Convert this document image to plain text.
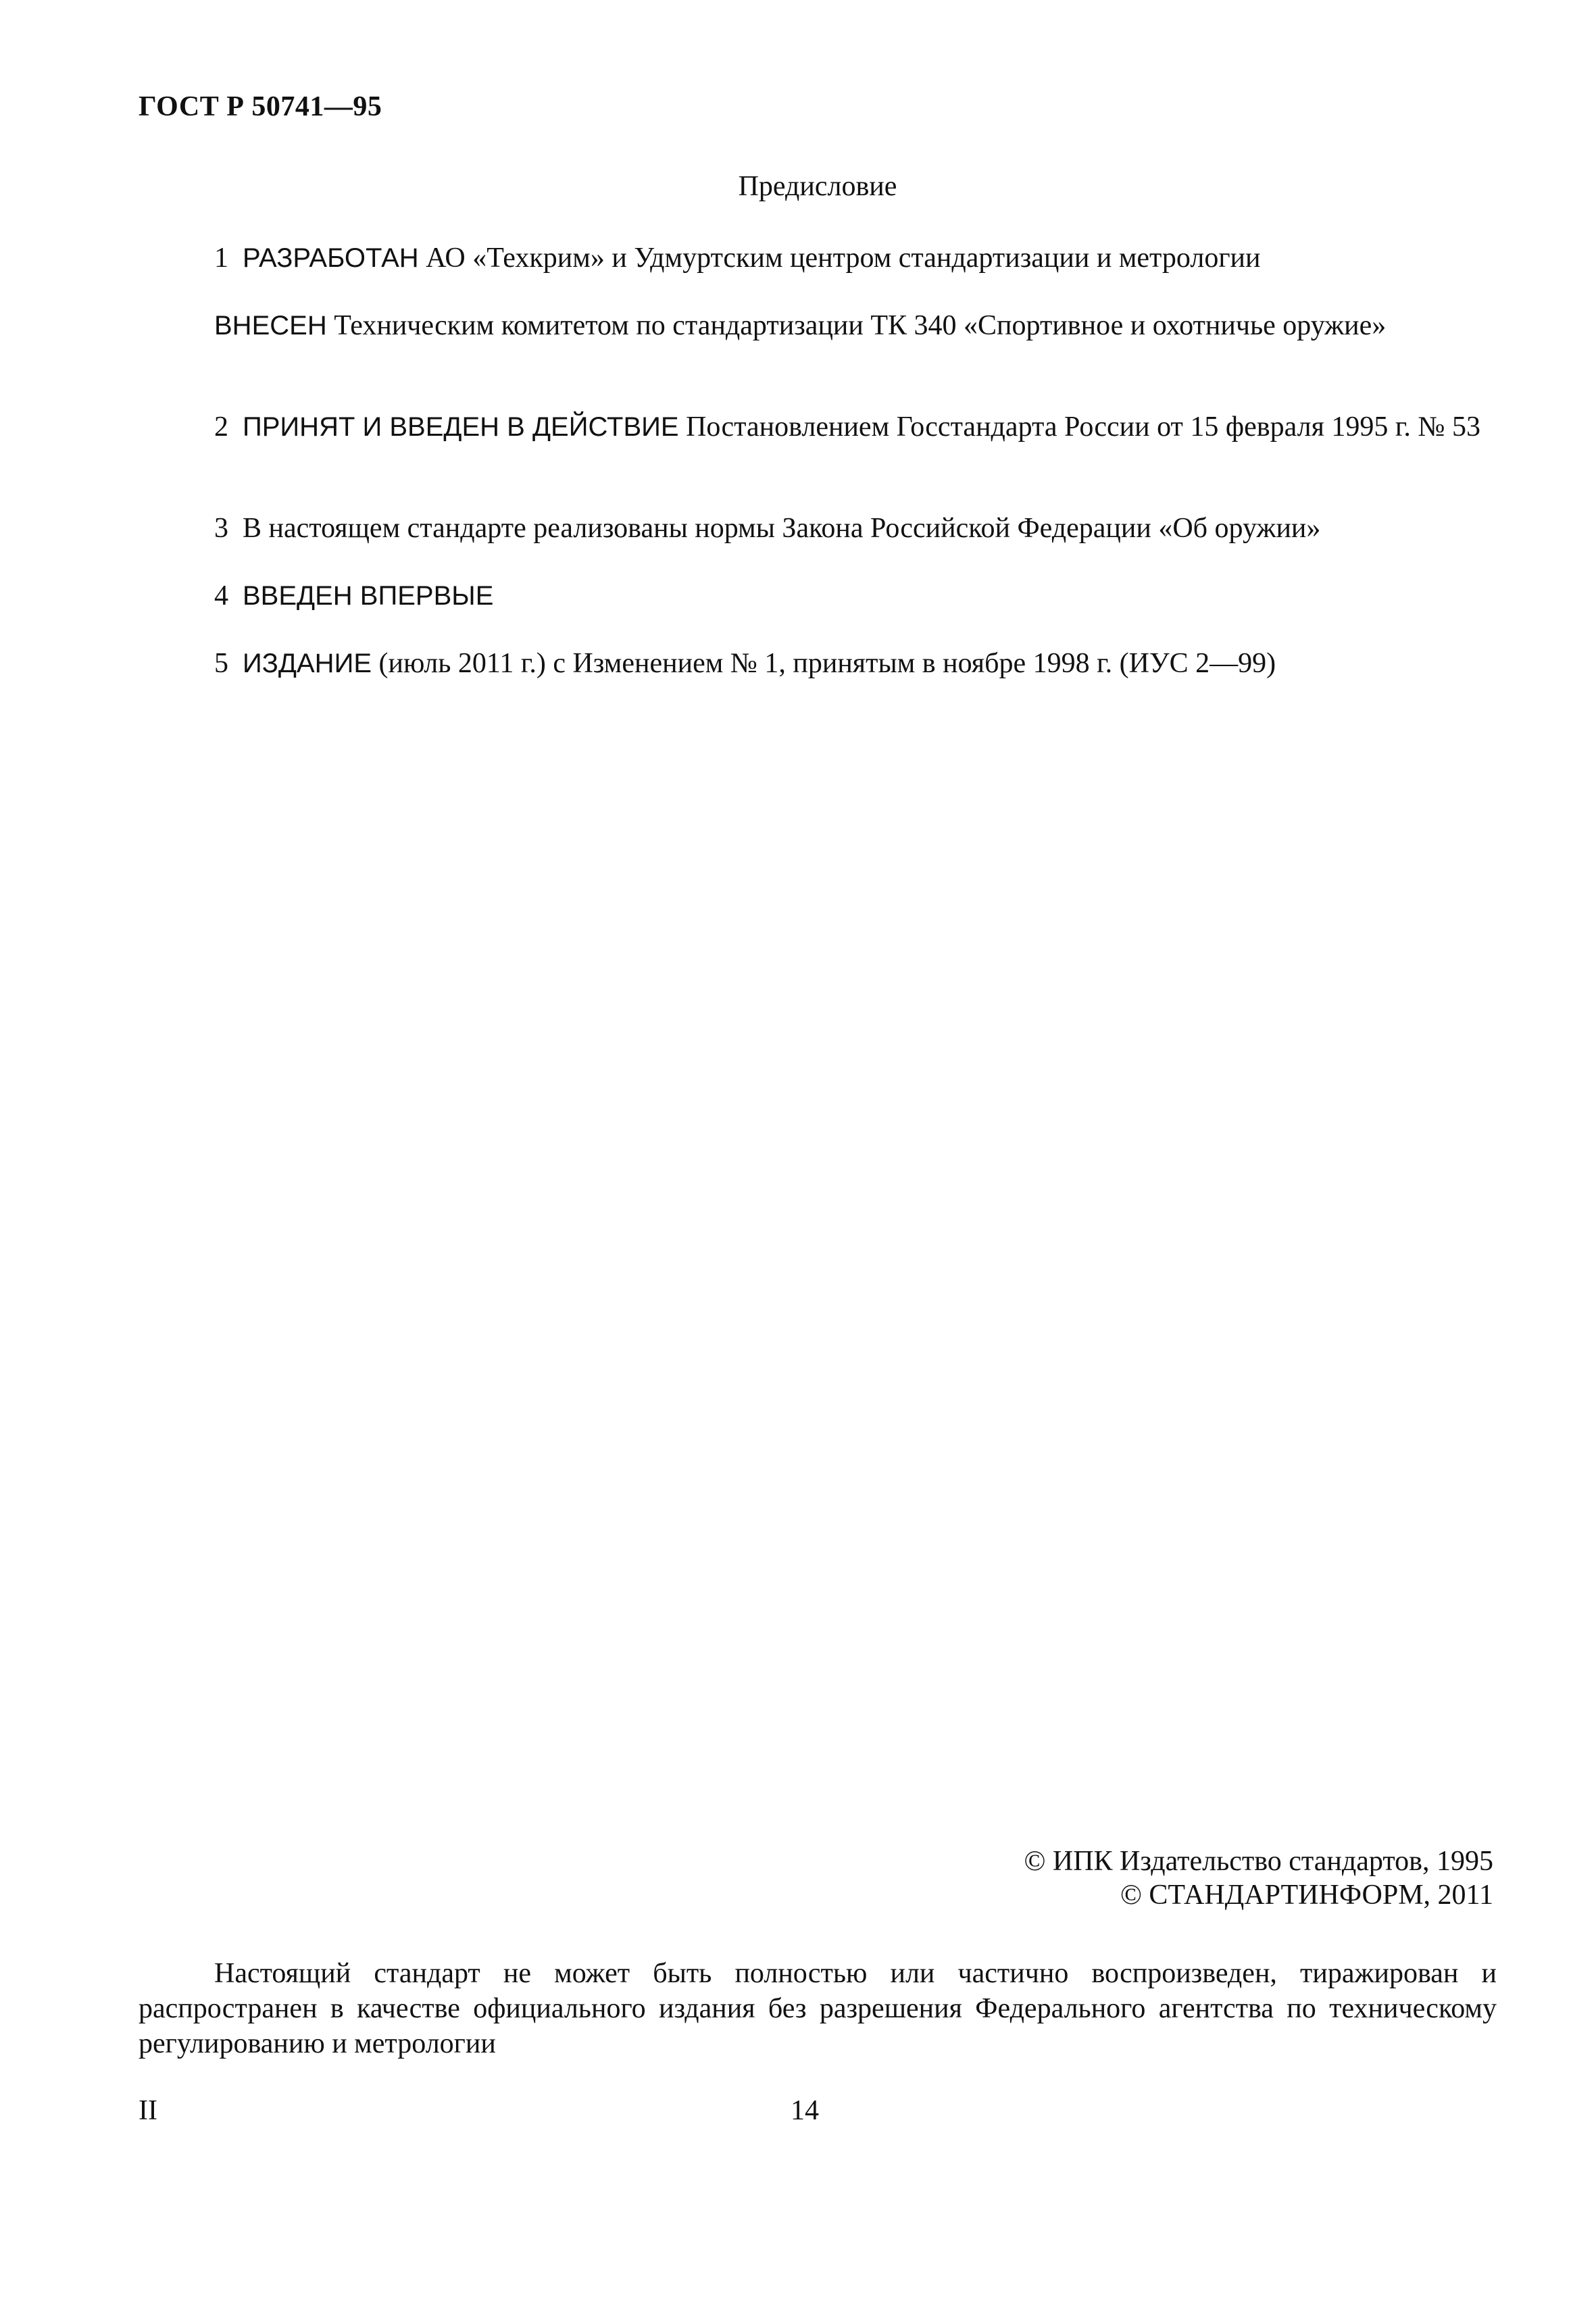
ГОСТ Р 50741—95
Предисловие
1 РАЗРАБОТАН АО «Техкрим» и Удмуртским центром стандартизации и метрологии
ВНЕСЕН Техническим комитетом по стандартизации ТК 340 «Спортивное и охотничье оружие»
2 ПРИНЯТ И ВВЕДЕН В ДЕЙСТВИЕ Постановлением Госстандарта России от 15 февраля 1995 г. № 53
3 В настоящем стандарте реализованы нормы Закона Российской Федерации «Об оружии»
4 ВВЕДЕН ВПЕРВЫЕ
5 ИЗДАНИЕ (июль 2011 г.) с Изменением № 1, принятым в ноябре 1998 г. (ИУС 2—99)
© ИПК Издательство стандартов, 1995
© СТАНДАРТИНФОРМ, 2011
Настоящий стандарт не может быть полностью или частично воспроизведен, тиражирован и распространен в качестве официального издания без разрешения Федерального агентства по техническому регулированию и метрологии
II	14
